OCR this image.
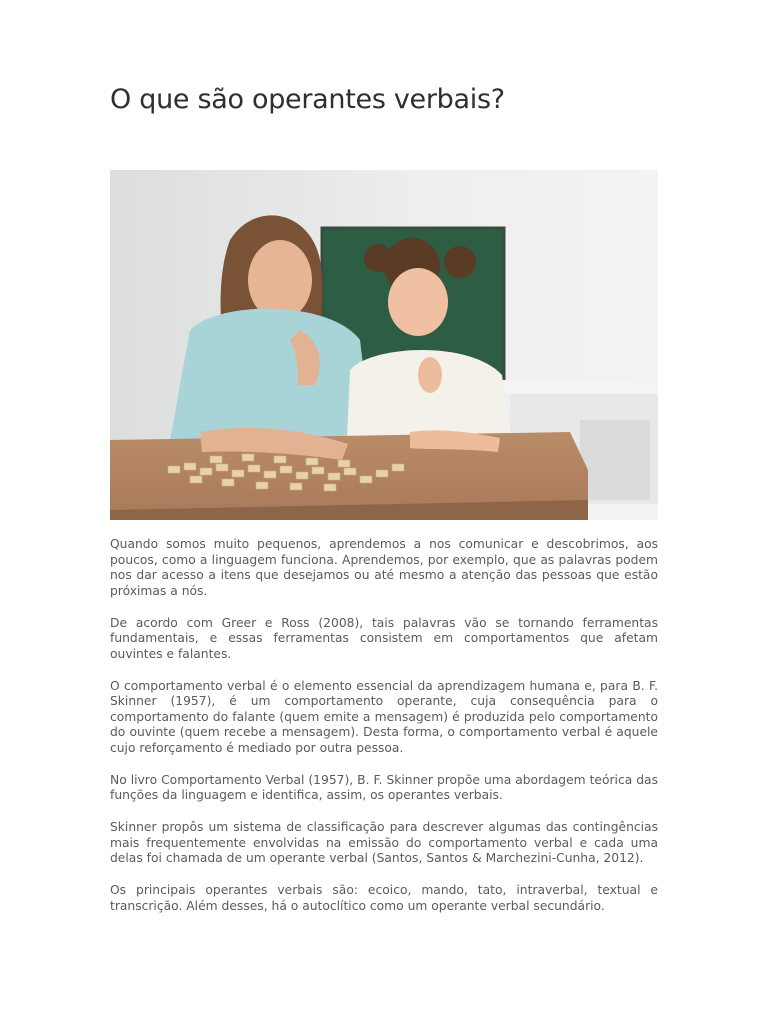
O que são operantes verbais?

Quando somos muito pequenos, aprendemos a nos comunicar e descobrimos, aos poucos, como a linguagem funciona. Aprendemos, por exemplo, que as palavras podem nos dar acesso a itens que desejamos ou até mesmo a atenção das pessoas que estão próximas a nós.

De acordo com Greer e Ross (2008), tais palavras vão se tornando ferramentas fundamentais, e essas ferramentas consistem em comportamentos que afetam ouvintes e falantes.

O comportamento verbal é o elemento essencial da aprendizagem humana e, para B. F. Skinner (1957), é um comportamento operante, cuja consequência para o comportamento do falante (quem emite a mensagem) é produzida pelo comportamento do ouvinte (quem recebe a mensagem). Desta forma, o comportamento verbal é aquele cujo reforçamento é mediado por outra pessoa.

No livro Comportamento Verbal (1957), B. F. Skinner propõe uma abordagem teórica das funções da linguagem e identifica, assim, os operantes verbais.

Skinner propôs um sistema de classificação para descrever algumas das contingências mais frequentemente envolvidas na emissão do comportamento verbal e cada uma delas foi chamada de um operante verbal (Santos, Santos & Marchezini-Cunha, 2012).

Os principais operantes verbais são: ecoico, mando, tato, intraverbal, textual e transcrição. Além desses, há o autoclítico como um operante verbal secundário.
